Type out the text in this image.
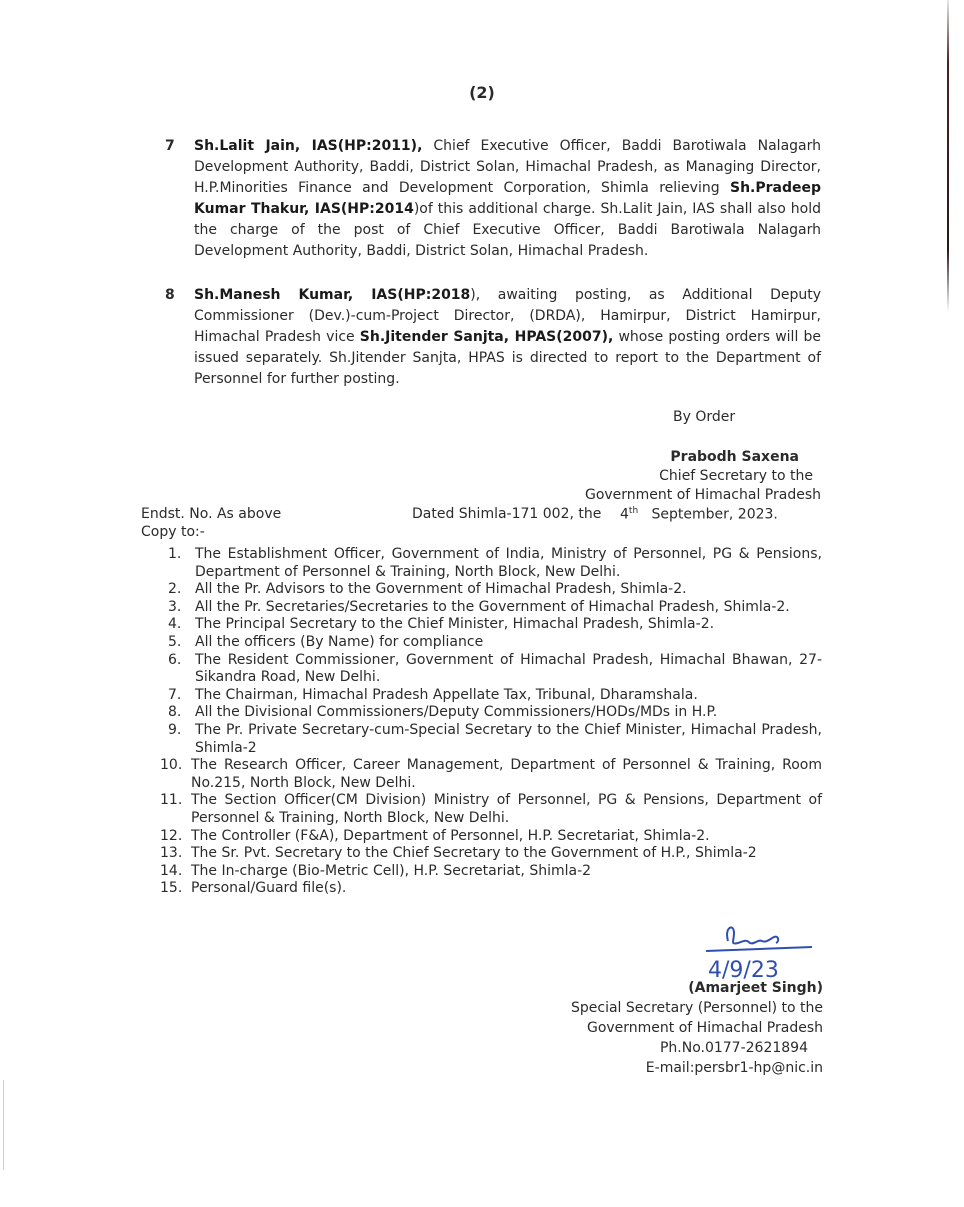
(2)
7 Sh.Lalit Jain, IAS(HP:2011), Chief Executive Officer, Baddi Barotiwala Nalagarh Development Authority, Baddi, District Solan, Himachal Pradesh, as Managing Director, H.P.Minorities Finance and Development Corporation, Shimla relieving Sh.Pradeep Kumar Thakur, IAS(HP:2014)of this additional charge. Sh.Lalit Jain, IAS shall also hold the charge of the post of Chief Executive Officer, Baddi Barotiwala Nalagarh Development Authority, Baddi, District Solan, Himachal Pradesh.
8 Sh.Manesh Kumar, IAS(HP:2018), awaiting posting, as Additional Deputy Commissioner (Dev.)-cum-Project Director, (DRDA), Hamirpur, District Hamirpur, Himachal Pradesh vice Sh.Jitender Sanjta, HPAS(2007), whose posting orders will be issued separately. Sh.Jitender Sanjta, HPAS is directed to report to the Department of Personnel for further posting.
By Order
Prabodh Saxena
Chief Secretary to the
Government of Himachal Pradesh
Endst. No. As above	Dated Shimla-171 002, the 4th September, 2023.
Copy to:-
1. The Establishment Officer, Government of India, Ministry of Personnel, PG & Pensions, Department of Personnel & Training, North Block, New Delhi.
2. All the Pr. Advisors to the Government of Himachal Pradesh, Shimla-2.
3. All the Pr. Secretaries/Secretaries to the Government of Himachal Pradesh, Shimla-2.
4. The Principal Secretary to the Chief Minister, Himachal Pradesh, Shimla-2.
5. All the officers (By Name) for compliance
6. The Resident Commissioner, Government of Himachal Pradesh, Himachal Bhawan, 27-Sikandra Road, New Delhi.
7. The Chairman, Himachal Pradesh Appellate Tax, Tribunal, Dharamshala.
8. All the Divisional Commissioners/Deputy Commissioners/HODs/MDs in H.P.
9. The Pr. Private Secretary-cum-Special Secretary to the Chief Minister, Himachal Pradesh, Shimla-2
10. The Research Officer, Career Management, Department of Personnel & Training, Room No.215, North Block, New Delhi.
11. The Section Officer(CM Division) Ministry of Personnel, PG & Pensions, Department of Personnel & Training, North Block, New Delhi.
12. The Controller (F&A), Department of Personnel, H.P. Secretariat, Shimla-2.
13. The Sr. Pvt. Secretary to the Chief Secretary to the Government of H.P., Shimla-2
14. The In-charge (Bio-Metric Cell), H.P. Secretariat, Shimla-2
15. Personal/Guard file(s).
4/9/23
(Amarjeet Singh)
Special Secretary (Personnel) to the
Government of Himachal Pradesh
Ph.No.0177-2621894
E-mail:persbr1-hp@nic.in
